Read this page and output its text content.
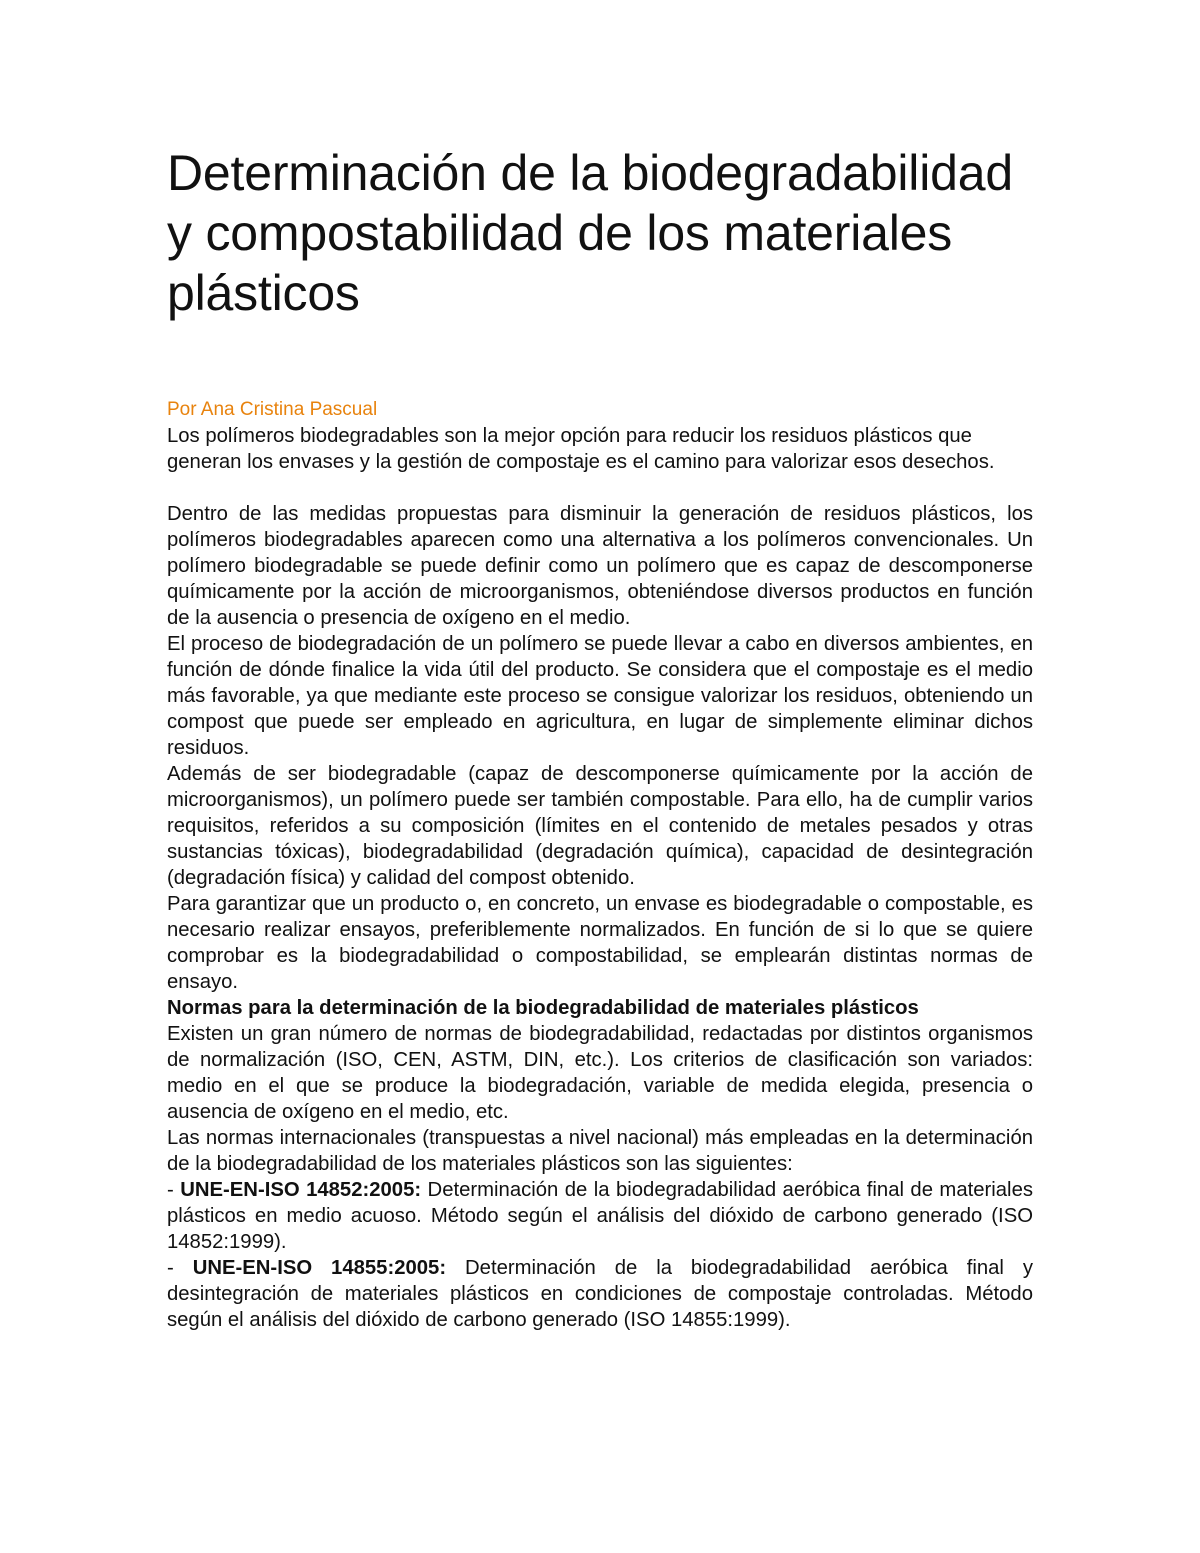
Determinación de la biodegradabilidad y compostabilidad de los materiales plásticos
Por Ana Cristina Pascual

Los polímeros biodegradables son la mejor opción para reducir los residuos plásticos que generan los envases y la gestión de compostaje es el camino para valorizar esos desechos.

Dentro de las medidas propuestas para disminuir la generación de residuos plásticos, los polímeros biodegradables aparecen como una alternativa a los polímeros convencionales. Un polímero biodegradable se puede definir como un polímero que es capaz de descomponerse químicamente por la acción de microorganismos, obteniéndose diversos productos en función de la ausencia o presencia de oxígeno en el medio.

El proceso de biodegradación de un polímero se puede llevar a cabo en diversos ambientes, en función de dónde finalice la vida útil del producto. Se considera que el compostaje es el medio más favorable, ya que mediante este proceso se consigue valorizar los residuos, obteniendo un compost que puede ser empleado en agricultura, en lugar de simplemente eliminar dichos residuos.

Además de ser biodegradable (capaz de descomponerse químicamente por la acción de microorganismos), un polímero puede ser también compostable. Para ello, ha de cumplir varios requisitos, referidos a su composición (límites en el contenido de metales pesados y otras sustancias tóxicas), biodegradabilidad (degradación química), capacidad de desintegración (degradación física) y calidad del compost obtenido.

Para garantizar que un producto o, en concreto, un envase es biodegradable o compostable, es necesario realizar ensayos, preferiblemente normalizados. En función de si lo que se quiere comprobar es la biodegradabilidad o compostabilidad, se emplearán distintas normas de ensayo.

Normas para la determinación de la biodegradabilidad de materiales plásticos

Existen un gran número de normas de biodegradabilidad, redactadas por distintos organismos de normalización (ISO, CEN, ASTM, DIN, etc.). Los criterios de clasificación son variados: medio en el que se produce la biodegradación, variable de medida elegida, presencia o ausencia de oxígeno en el medio, etc.

Las normas internacionales (transpuestas a nivel nacional) más empleadas en la determinación de la biodegradabilidad de los materiales plásticos son las siguientes:

- UNE-EN-ISO 14852:2005: Determinación de la biodegradabilidad aeróbica final de materiales plásticos en medio acuoso. Método según el análisis del dióxido de carbono generado (ISO 14852:1999).

- UNE-EN-ISO 14855:2005: Determinación de la biodegradabilidad aeróbica final y desintegración de materiales plásticos en condiciones de compostaje controladas. Método según el análisis del dióxido de carbono generado (ISO 14855:1999).
